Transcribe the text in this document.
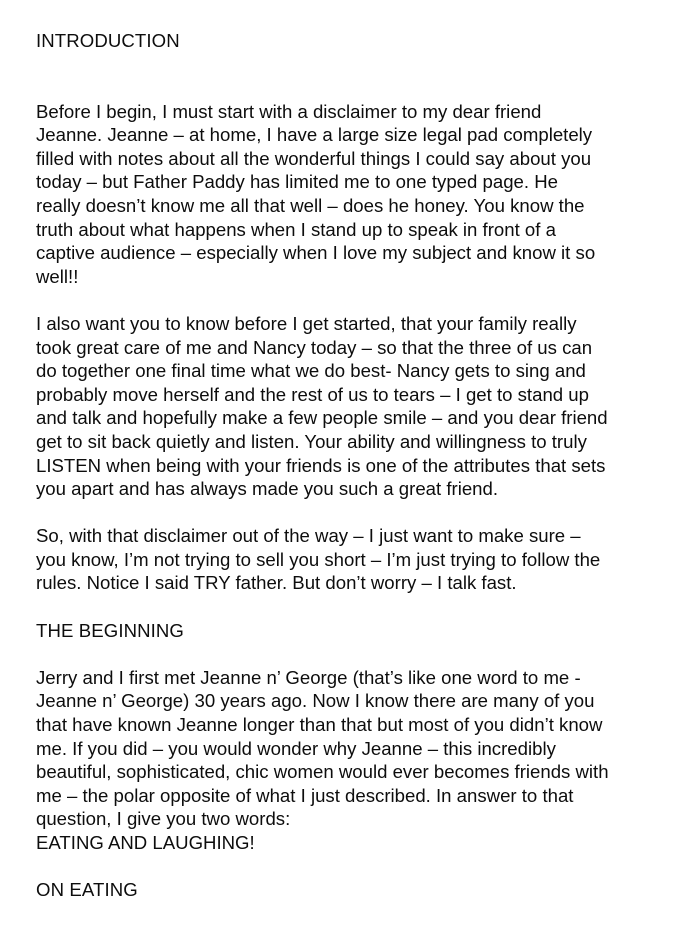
INTRODUCTION
Before I begin, I must start with a disclaimer to my dear friend
Jeanne. Jeanne – at home, I have a large size legal pad completely
filled with notes about all the wonderful things I could say about you
today – but Father Paddy has limited me to one typed page. He
really doesn’t know me all that well – does he honey. You know the
truth about what happens when I stand up to speak in front of a
captive audience – especially when I love my subject and know it so
well!!
I also want you to know before I get started, that your family really
took great care of me and Nancy today – so that the three of us can
do together one final time what we do best- Nancy gets to sing and
probably move herself and the rest of us to tears – I get to stand up
and talk and hopefully make a few people smile – and you dear friend
get to sit back quietly and listen. Your ability and willingness to truly
LISTEN when being with your friends is one of the attributes that sets
you apart and has always made you such a great friend.
So, with that disclaimer out of the way – I just want to make sure –
you know, I’m not trying to sell you short – I’m just trying to follow the
rules. Notice I said TRY father. But don’t worry – I talk fast.
THE BEGINNING
Jerry and I first met Jeanne n’ George (that’s like one word to me -
Jeanne n’ George) 30 years ago. Now I know there are many of you
that have known Jeanne longer than that but most of you didn’t know
me. If you did – you would wonder why Jeanne – this incredibly
beautiful, sophisticated, chic women would ever becomes friends with
me – the polar opposite of what I just described. In answer to that
question, I give you two words:
EATING AND LAUGHING!
ON EATING
